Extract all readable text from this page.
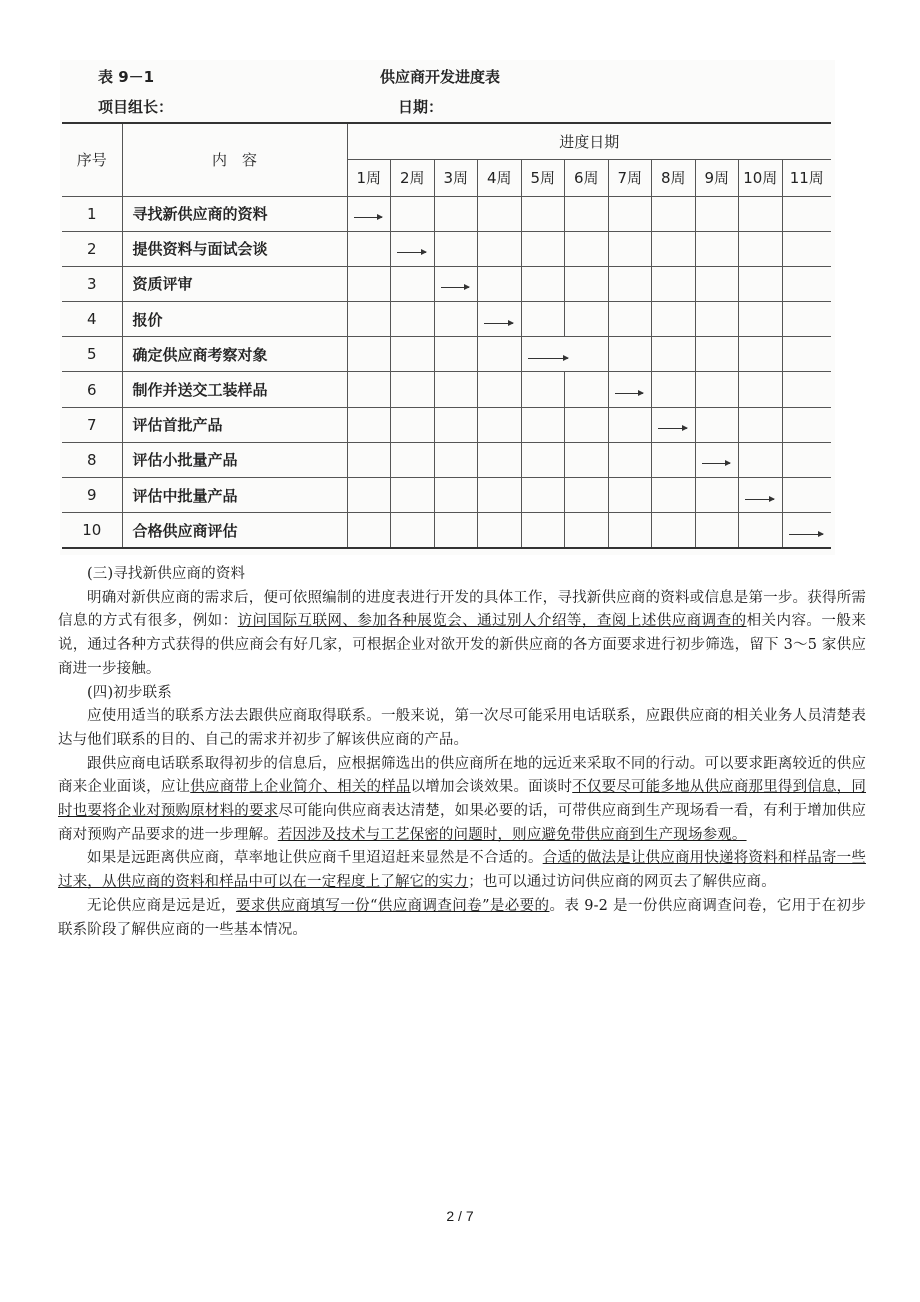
表 9－1	供应商开发进度表
项目组长：	日期：
序号	内　容	进度日期										
		1周	2周	3周	4周	5周	6周	7周	8周	9周	10周	11周
1	寻找新供应商的资料	

2	提供资料与面试会谈		

3	资质评审			

4	报价				

5	确定供应商考察对象						

6	制作并送交工装样品							

7	评估首批产品								

8	评估小批量产品									

9	评估中批量产品										

10	合格供应商评估											

(三)寻找新供应商的资料

明确对新供应商的需求后，便可依照编制的进度表进行开发的具体工作，寻找新供应商的资料或信息是第一步。获得所需信息的方式有很多，例如：访问国际互联网、参加各种展览会、通过别人介绍等，查阅上述供应商调查的相关内容。一般来说，通过各种方式获得的供应商会有好几家，可根据企业对欲开发的新供应商的各方面要求进行初步筛选，留下 3～5 家供应商进一步接触。

(四)初步联系

应使用适当的联系方法去跟供应商取得联系。一般来说，第一次尽可能采用电话联系，应跟供应商的相关业务人员清楚表达与他们联系的目的、自己的需求并初步了解该供应商的产品。

跟供应商电话联系取得初步的信息后，应根据筛选出的供应商所在地的远近来采取不同的行动。可以要求距离较近的供应商来企业面谈，应让供应商带上企业简介、相关的样品以增加会谈效果。面谈时不仅要尽可能多地从供应商那里得到信息，同时也要将企业对预购原材料的要求尽可能向供应商表达清楚，如果必要的话，可带供应商到生产现场看一看，有利于增加供应商对预购产品要求的进一步理解。若因涉及技术与工艺保密的问题时，则应避免带供应商到生产现场参观。

如果是远距离供应商，草率地让供应商千里迢迢赶来显然是不合适的。合适的做法是让供应商用快递将资料和样品寄一些过来，从供应商的资料和样品中可以在一定程度上了解它的实力；也可以通过访问供应商的网页去了解供应商。

无论供应商是远是近，要求供应商填写一份“供应商调查问卷”是必要的。表 9-2 是一份供应商调查问卷，它用于在初步联系阶段了解供应商的一些基本情况。

2 / 7
